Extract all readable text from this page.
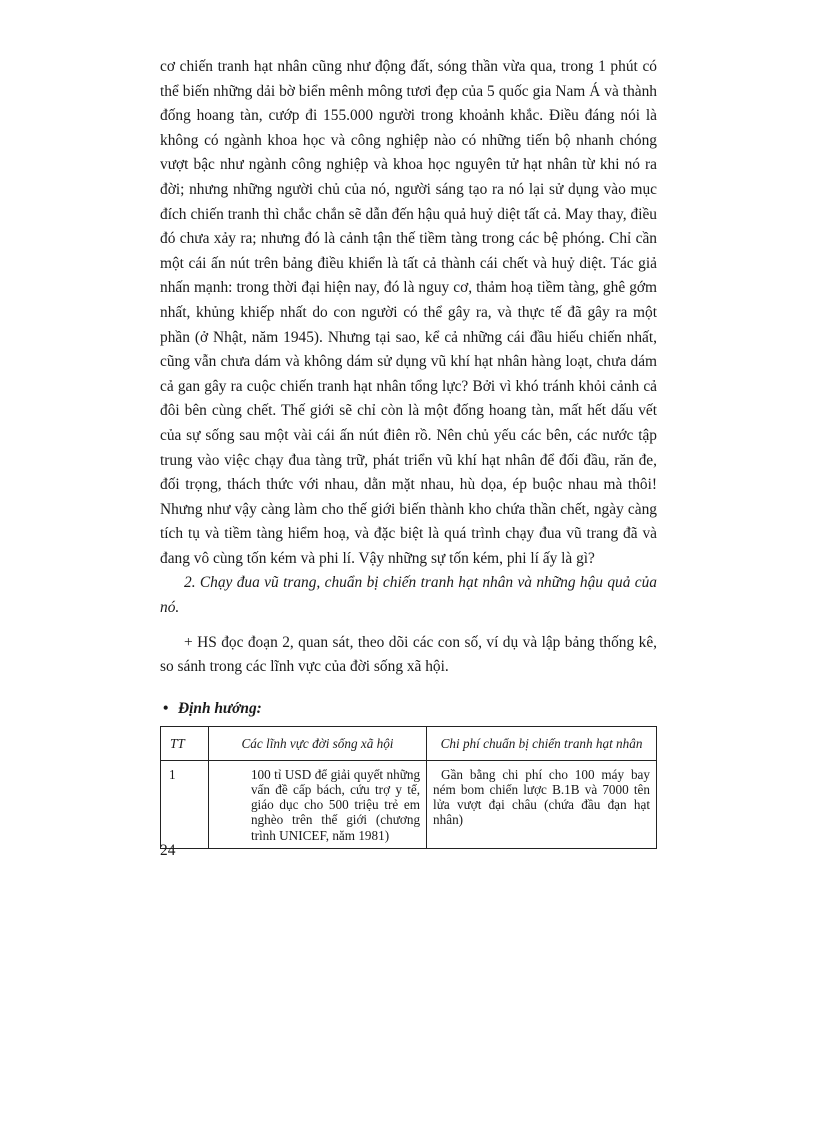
cơ chiến tranh hạt nhân cũng như động đất, sóng thần vừa qua, trong 1 phút có thể biến những dải bờ biển mênh mông tươi đẹp của 5 quốc gia Nam Á và thành đống hoang tàn, cướp đi 155.000 người trong khoảnh khắc. Điều đáng nói là không có ngành khoa học và công nghiệp nào có những tiến bộ nhanh chóng vượt bậc như ngành công nghiệp và khoa học nguyên tử hạt nhân từ khi nó ra đời; nhưng những người chủ của nó, người sáng tạo ra nó lại sử dụng vào mục đích chiến tranh thì chắc chắn sẽ dẫn đến hậu quả huỷ diệt tất cả. May thay, điều đó chưa xảy ra; nhưng đó là cảnh tận thế tiềm tàng trong các bệ phóng. Chỉ cần một cái ấn nút trên bảng điều khiển là tất cả thành cái chết và huỷ diệt. Tác giả nhấn mạnh: trong thời đại hiện nay, đó là nguy cơ, thảm hoạ tiềm tàng, ghê gớm nhất, khủng khiếp nhất do con người có thể gây ra, và thực tế đã gây ra một phần (ở Nhật, năm 1945). Nhưng tại sao, kể cả những cái đầu hiếu chiến nhất, cũng vẫn chưa dám và không dám sử dụng vũ khí hạt nhân hàng loạt, chưa dám cả gan gây ra cuộc chiến tranh hạt nhân tổng lực? Bởi vì khó tránh khỏi cảnh cả đôi bên cùng chết. Thế giới sẽ chỉ còn là một đống hoang tàn, mất hết dấu vết của sự sống sau một vài cái ấn nút điên rồ. Nên chủ yếu các bên, các nước tập trung vào việc chạy đua tàng trữ, phát triển vũ khí hạt nhân để đối đầu, răn đe, đối trọng, thách thức với nhau, dằn mặt nhau, hù dọa, ép buộc nhau mà thôi! Nhưng như vậy càng làm cho thế giới biến thành kho chứa thần chết, ngày càng tích tụ và tiềm tàng hiểm hoạ, và đặc biệt là quá trình chạy đua vũ trang đã và đang vô cùng tốn kém và phi lí. Vậy những sự tốn kém, phi lí ấy là gì?

2. Chạy đua vũ trang, chuẩn bị chiến tranh hạt nhân và những hậu quả của nó.

+ HS đọc đoạn 2, quan sát, theo dõi các con số, ví dụ và lập bảng thống kê, so sánh trong các lĩnh vực của đời sống xã hội.

• Định hướng:
TT	Các lĩnh vực đời sống xã hội	Chi phí chuẩn bị chiến tranh hạt nhân
1	100 tỉ USD để giải quyết những vấn đề cấp bách, cứu trợ y tế, giáo dục cho 500 triệu trẻ em nghèo trên thế giới (chương trình UNICEF, năm 1981)	Gần bằng chi phí cho 100 máy bay ném bom chiến lược B.1B và 7000 tên lửa vượt đại châu (chứa đầu đạn hạt nhân)
24
